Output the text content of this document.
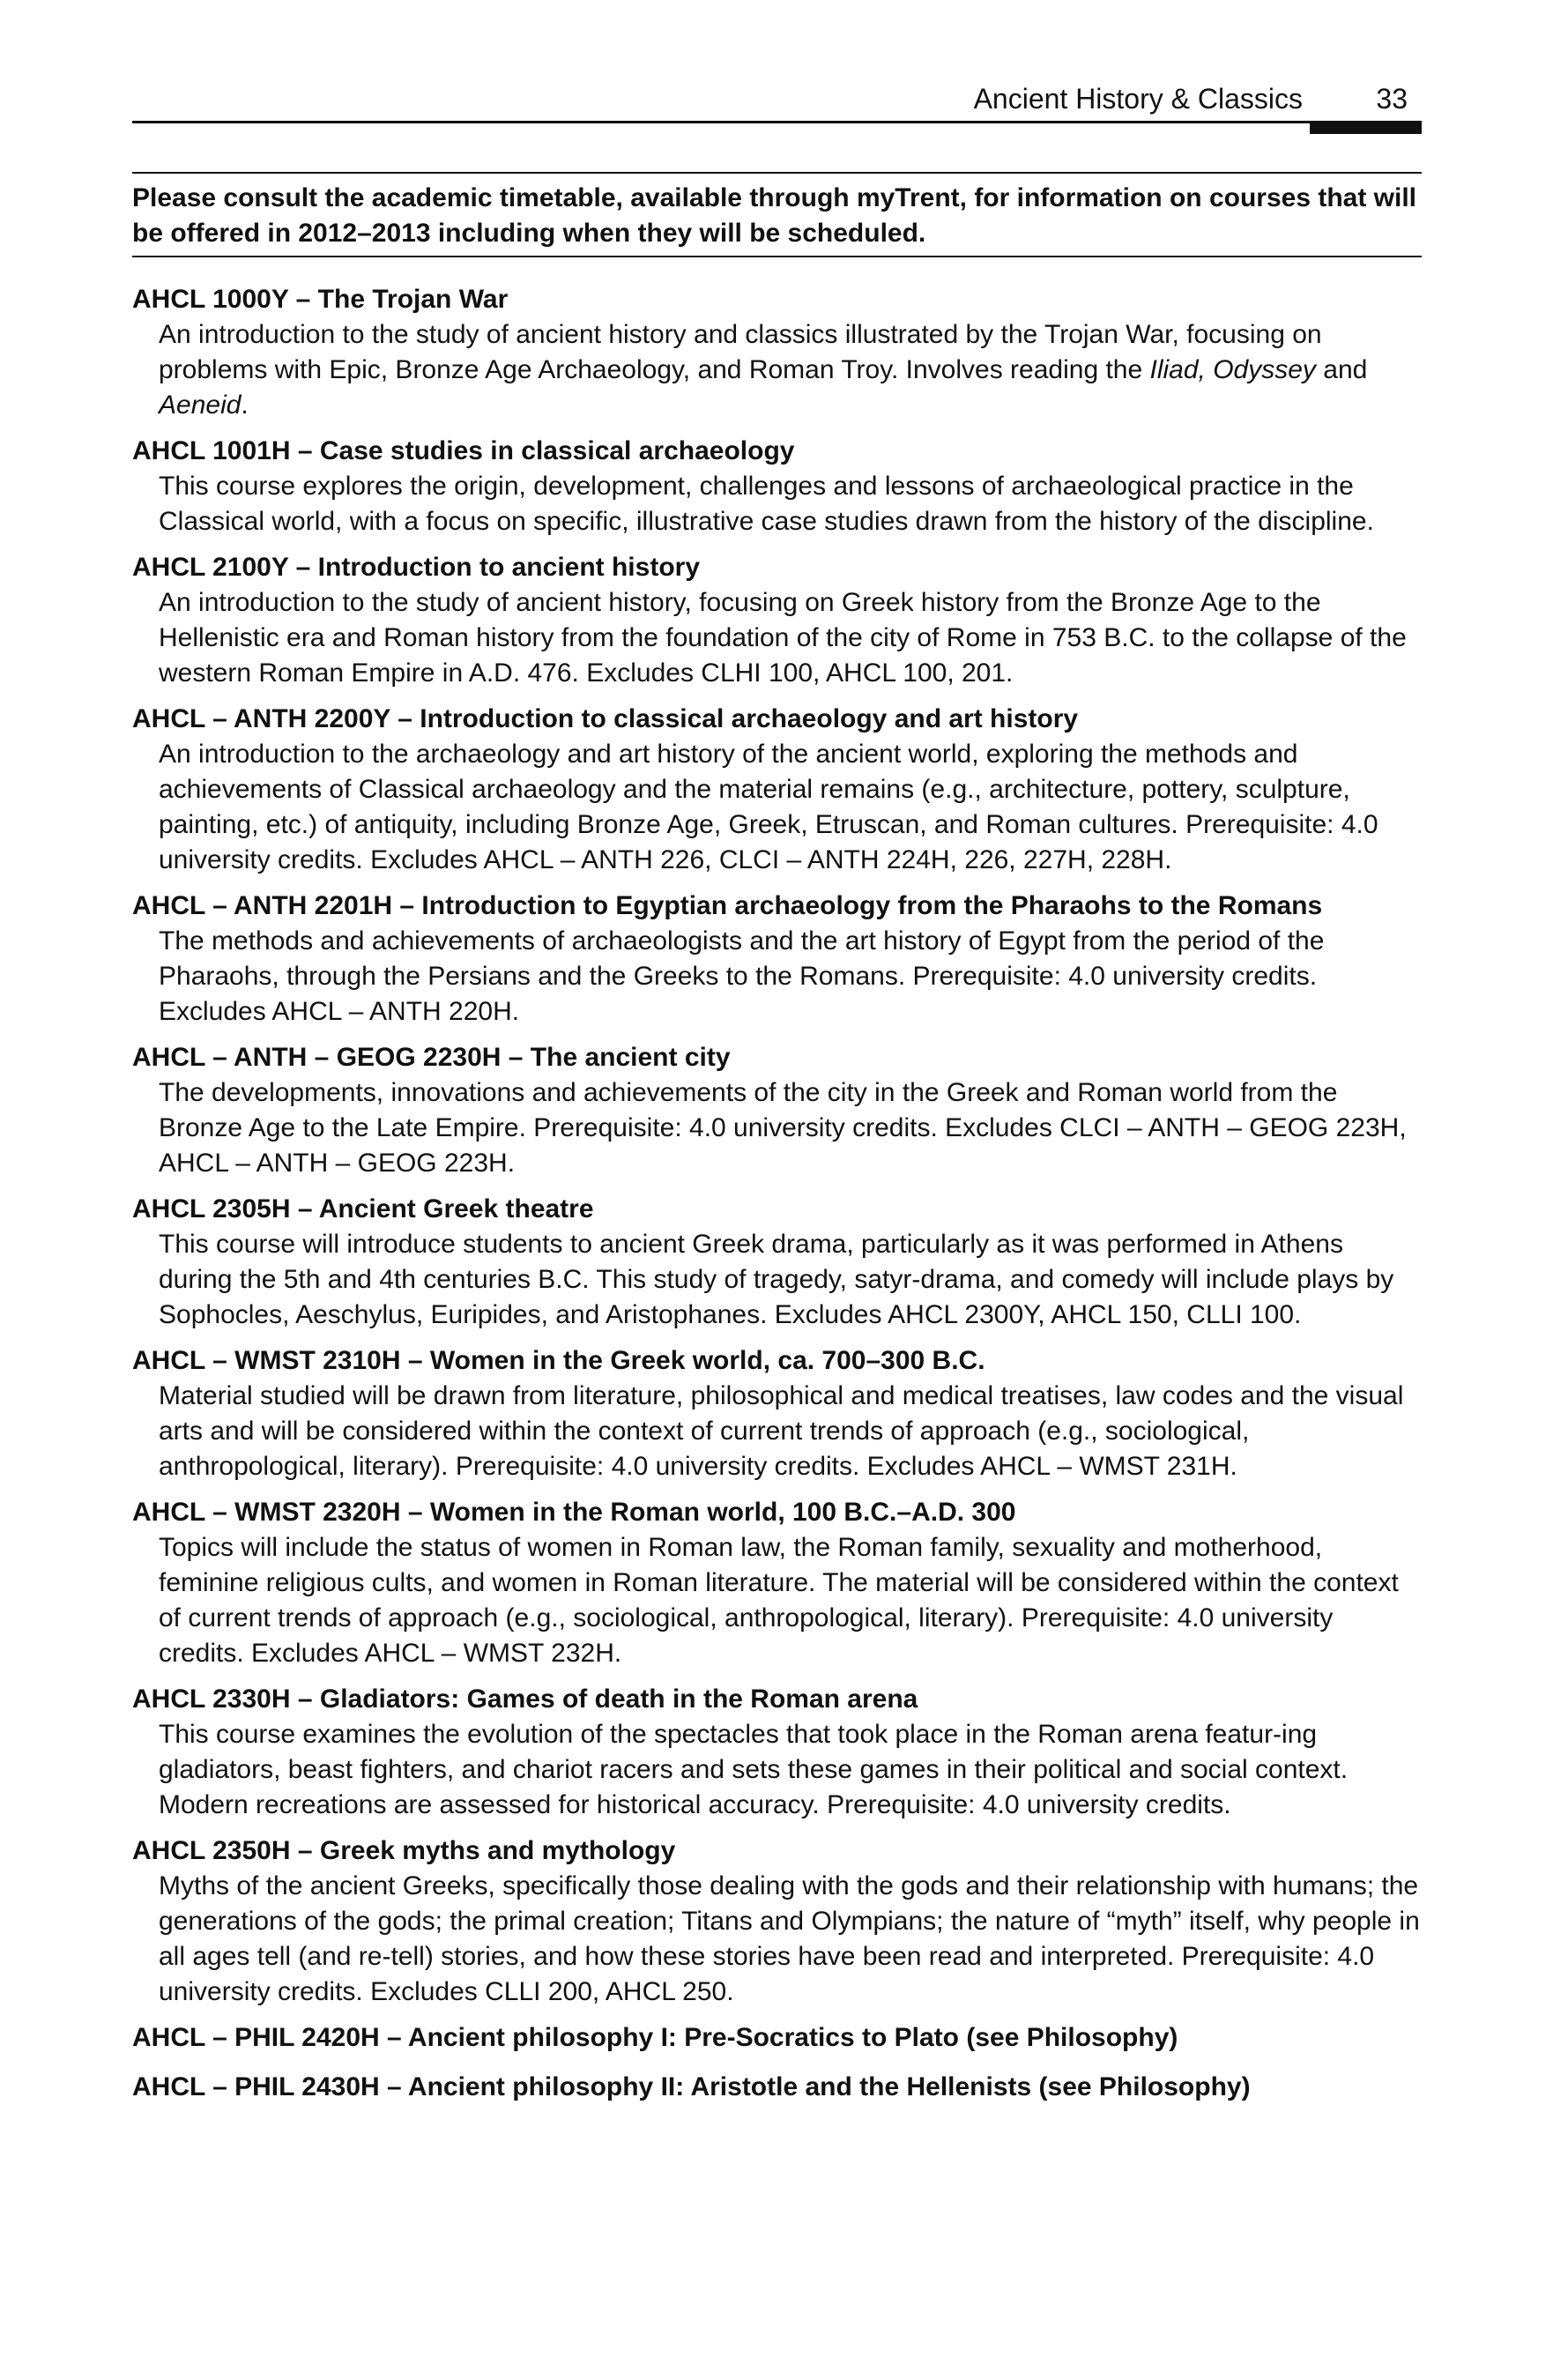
Ancient History & Classics	33

Please consult the academic timetable, available through myTrent, for information on courses that will be offered in 2012–2013 including when they will be scheduled.

AHCL 1000Y – The Trojan War

An introduction to the study of ancient history and classics illustrated by the Trojan War, focusing on problems with Epic, Bronze Age Archaeology, and Roman Troy. Involves reading the Iliad, Odyssey and Aeneid.

AHCL 1001H – Case studies in classical archaeology

This course explores the origin, development, challenges and lessons of archaeological practice in the Classical world, with a focus on specific, illustrative case studies drawn from the history of the discipline.

AHCL 2100Y – Introduction to ancient history

An introduction to the study of ancient history, focusing on Greek history from the Bronze Age to the Hellenistic era and Roman history from the foundation of the city of Rome in 753 B.C. to the collapse of the western Roman Empire in A.D. 476. Excludes CLHI 100, AHCL 100, 201.

AHCL – ANTH 2200Y – Introduction to classical archaeology and art history

An introduction to the archaeology and art history of the ancient world, exploring the methods and achievements of Classical archaeology and the material remains (e.g., architecture, pottery, sculpture, painting, etc.) of antiquity, including Bronze Age, Greek, Etruscan, and Roman cultures. Prerequisite: 4.0 university credits. Excludes AHCL – ANTH 226, CLCI – ANTH 224H, 226, 227H, 228H.

AHCL – ANTH 2201H – Introduction to Egyptian archaeology from the Pharaohs to the Romans

The methods and achievements of archaeologists and the art history of Egypt from the period of the Pharaohs, through the Persians and the Greeks to the Romans. Prerequisite: 4.0 university credits. Excludes AHCL – ANTH 220H.

AHCL – ANTH – GEOG 2230H – The ancient city

The developments, innovations and achievements of the city in the Greek and Roman world from the Bronze Age to the Late Empire. Prerequisite: 4.0 university credits. Excludes CLCI – ANTH – GEOG 223H, AHCL – ANTH – GEOG 223H.

AHCL 2305H – Ancient Greek theatre

This course will introduce students to ancient Greek drama, particularly as it was performed in Athens during the 5th and 4th centuries B.C. This study of tragedy, satyr-drama, and comedy will include plays by Sophocles, Aeschylus, Euripides, and Aristophanes. Excludes AHCL 2300Y, AHCL 150, CLLI 100.

AHCL – WMST 2310H – Women in the Greek world, ca. 700–300 B.C.

Material studied will be drawn from literature, philosophical and medical treatises, law codes and the visual arts and will be considered within the context of current trends of approach (e.g., sociological, anthropological, literary). Prerequisite: 4.0 university credits. Excludes AHCL – WMST 231H.

AHCL – WMST 2320H – Women in the Roman world, 100 B.C.–A.D. 300

Topics will include the status of women in Roman law, the Roman family, sexuality and motherhood, feminine religious cults, and women in Roman literature. The material will be considered within the context of current trends of approach (e.g., sociological, anthropological, literary). Prerequisite: 4.0 university credits. Excludes AHCL – WMST 232H.

AHCL 2330H – Gladiators: Games of death in the Roman arena

This course examines the evolution of the spectacles that took place in the Roman arena featur-ing gladiators, beast fighters, and chariot racers and sets these games in their political and social context. Modern recreations are assessed for historical accuracy. Prerequisite: 4.0 university credits.

AHCL 2350H – Greek myths and mythology

Myths of the ancient Greeks, specifically those dealing with the gods and their relationship with humans; the generations of the gods; the primal creation; Titans and Olympians; the nature of “myth” itself, why people in all ages tell (and re-tell) stories, and how these stories have been read and interpreted. Prerequisite: 4.0 university credits. Excludes CLLI 200, AHCL 250.

AHCL – PHIL 2420H – Ancient philosophy I: Pre-Socratics to Plato (see Philosophy)

AHCL – PHIL 2430H – Ancient philosophy II: Aristotle and the Hellenists (see Philosophy)
